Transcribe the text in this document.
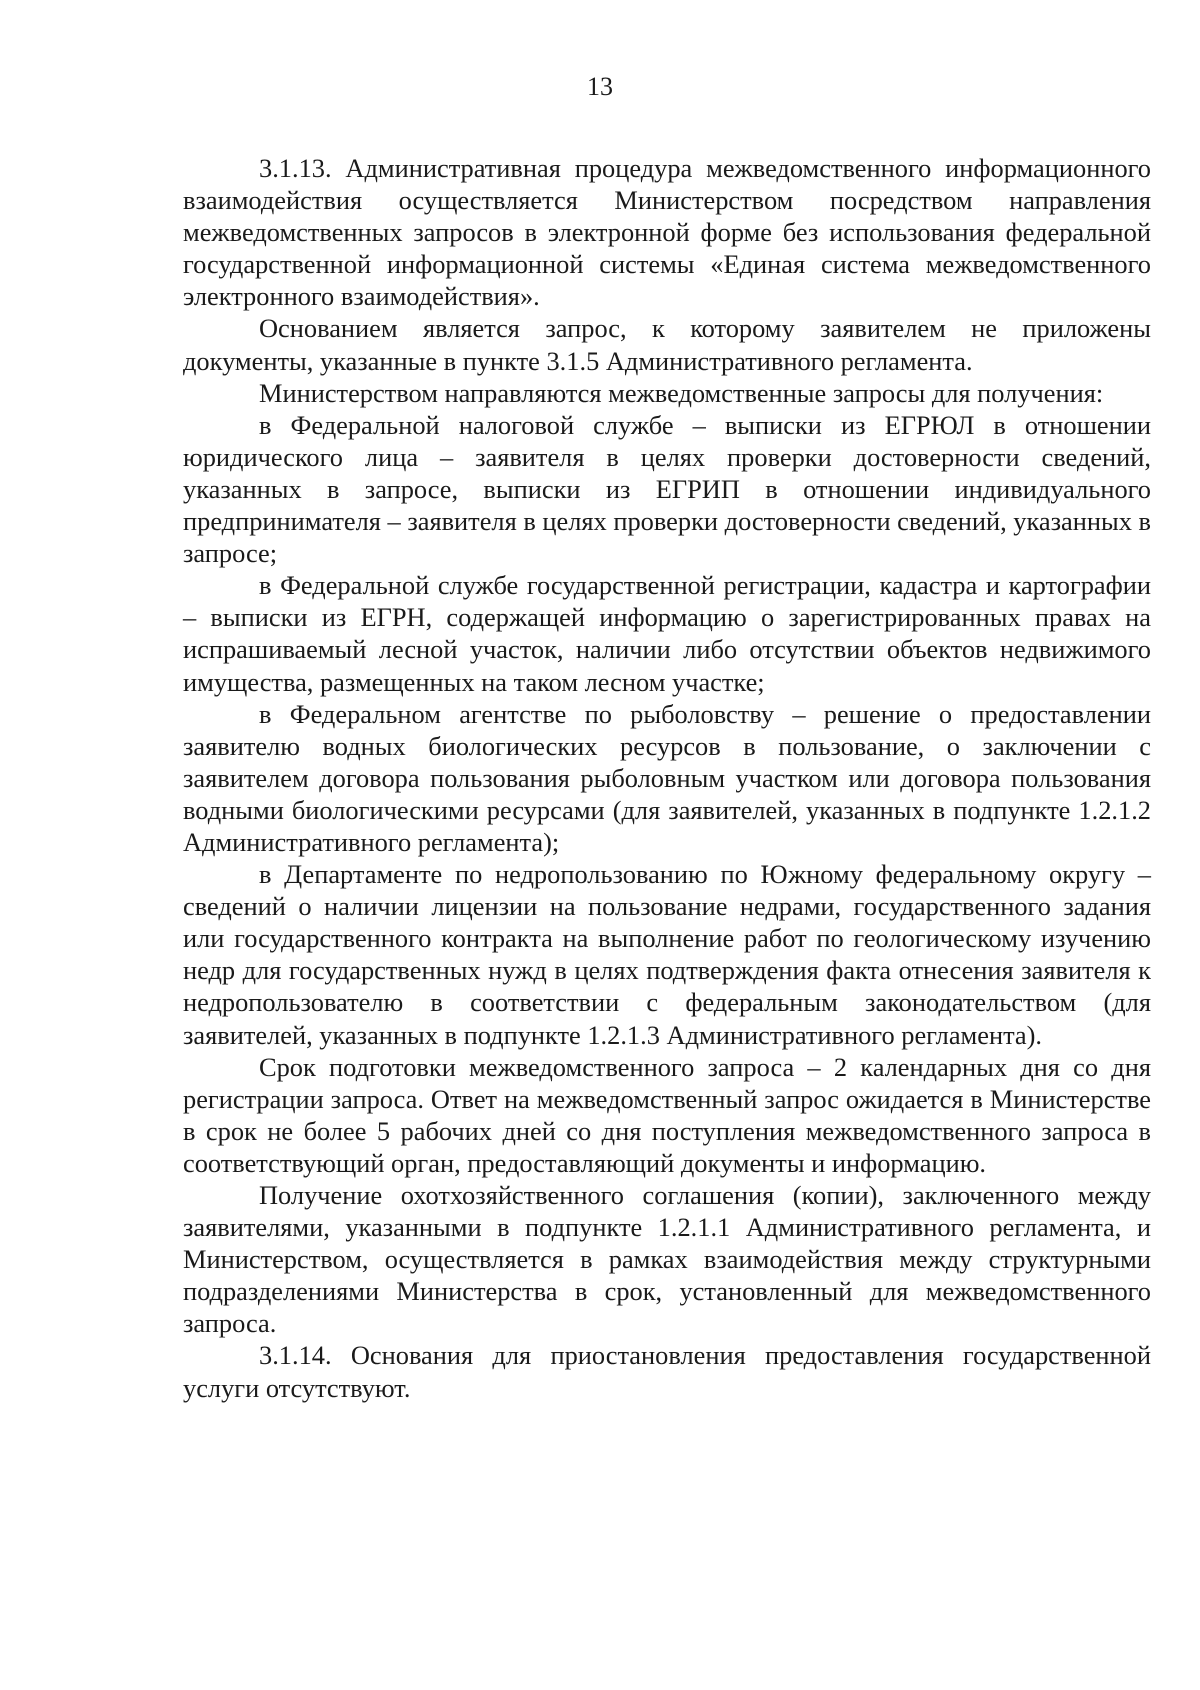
13

3.1.13. Административная процедура межведомственного информационного взаимодействия осуществляется Министерством посредством направления межведомственных запросов в электронной форме без использования федеральной государственной информационной системы «Единая система межведомственного электронного взаимодействия».

Основанием является запрос, к которому заявителем не приложены документы, указанные в пункте 3.1.5 Административного регламента.

Министерством направляются межведомственные запросы для получения:

в Федеральной налоговой службе – выписки из ЕГРЮЛ в отношении юридического лица – заявителя в целях проверки достоверности сведений, указанных в запросе, выписки из ЕГРИП в отношении индивидуального предпринимателя – заявителя в целях проверки достоверности сведений, указанных в запросе;

в Федеральной службе государственной регистрации, кадастра и картографии – выписки из ЕГРН, содержащей информацию о зарегистрированных правах на испрашиваемый лесной участок, наличии либо отсутствии объектов недвижимого имущества, размещенных на таком лесном участке;

в Федеральном агентстве по рыболовству – решение о предоставлении заявителю водных биологических ресурсов в пользование, о заключении с заявителем договора пользования рыболовным участком или договора пользования водными биологическими ресурсами (для заявителей, указанных в подпункте 1.2.1.2 Административного регламента);

в Департаменте по недропользованию по Южному федеральному округу – сведений о наличии лицензии на пользование недрами, государственного задания или государственного контракта на выполнение работ по геологическому изучению недр для государственных нужд в целях подтверждения факта отнесения заявителя к недропользователю в соответствии с федеральным законодательством (для заявителей, указанных в подпункте 1.2.1.3 Административного регламента).

Срок подготовки межведомственного запроса – 2 календарных дня со дня регистрации запроса. Ответ на межведомственный запрос ожидается в Министерстве в срок не более 5 рабочих дней со дня поступления межведомственного запроса в соответствующий орган, предоставляющий документы и информацию.

Получение охотхозяйственного соглашения (копии), заключенного между заявителями, указанными в подпункте 1.2.1.1 Административного регламента, и Министерством, осуществляется в рамках взаимодействия между структурными подразделениями Министерства в срок, установленный для межведомственного запроса.

3.1.14. Основания для приостановления предоставления государственной услуги отсутствуют.
